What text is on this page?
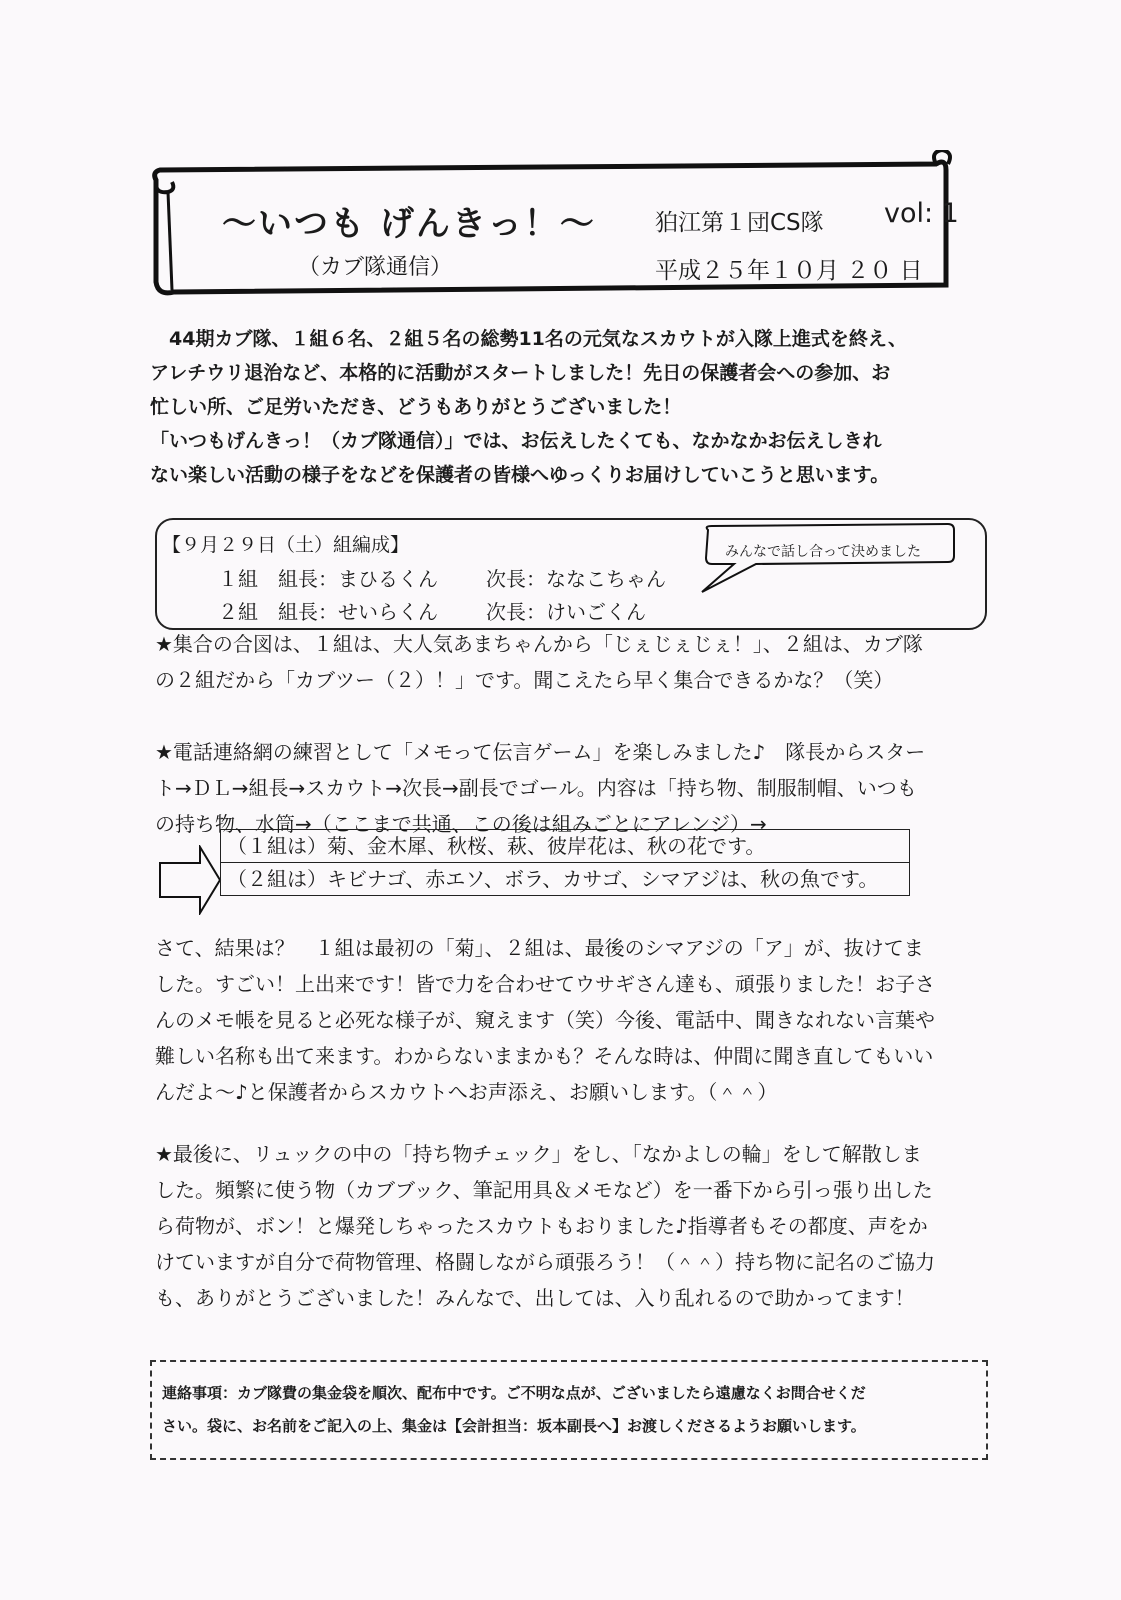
～いつも げんきっ！～
（カブ隊通信）
狛江第１団CS隊 vol: 1
平成２５年１０月 ２０ 日

　44期カブ隊、１組６名、２組５名の総勢11名の元気なスカウトが入隊上進式を終え、

アレチウリ退治など、本格的に活動がスタートしました！先日の保護者会への参加、お

忙しい所、ご足労いただき、どうもありがとうございました！

「いつもげんきっ！（カブ隊通信）」では、お伝えしたくても、なかなかお伝えしきれ

ない楽しい活動の様子をなどを保護者の皆様へゆっくりお届けしていこうと思います。

【９月２９日（土）組編成】
１組 組長：まひるくん 次長：ななこちゃん
２組 組長：せいらくん 次長：けいごくん
みんなで話し合って決めました

★集合の合図は、１組は、大人気あまちゃんから「じぇじぇじぇ！」、２組は、カブ隊

の２組だから「カブツー（２）！」です。聞こえたら早く集合できるかな？（笑）

★電話連絡網の練習として「メモって伝言ゲーム」を楽しみました♪　隊長からスター

ト→ＤＬ→組長→スカウト→次長→副長でゴール。内容は「持ち物、制服制帽、いつも

の持ち物、水筒→（ここまで共通、この後は組みごとにアレンジ）→

（１組は）菊、金木犀、秋桜、萩、彼岸花は、秋の花です。
（２組は）キビナゴ、赤エソ、ボラ、カサゴ、シマアジは、秋の魚です。

さて、結果は？　１組は最初の「菊」、２組は、最後のシマアジの「ア」が、抜けてま

した。すごい！上出来です！皆で力を合わせてウサギさん達も、頑張りました！お子さ

んのメモ帳を見ると必死な様子が、窺えます（笑）今後、電話中、聞きなれない言葉や

難しい名称も出て来ます。わからないままかも？そんな時は、仲間に聞き直してもいい

んだよ～♪と保護者からスカウトへお声添え、お願いします。（＾＾）

★最後に、リュックの中の「持ち物チェック」をし、「なかよしの輪」をして解散しま

した。頻繁に使う物（カブブック、筆記用具＆メモなど）を一番下から引っ張り出した

ら荷物が、ボン！と爆発しちゃったスカウトもおりました♪指導者もその都度、声をか

けていますが自分で荷物管理、格闘しながら頑張ろう！（＾＾）持ち物に記名のご協力

も、ありがとうございました！みんなで、出しては、入り乱れるので助かってます！

連絡事項：カブ隊費の集金袋を順次、配布中です。ご不明な点が、ございましたら遠慮なくお問合せくだ

さい。袋に、お名前をご記入の上、集金は【会計担当：坂本副長へ】お渡しくださるようお願いします。
